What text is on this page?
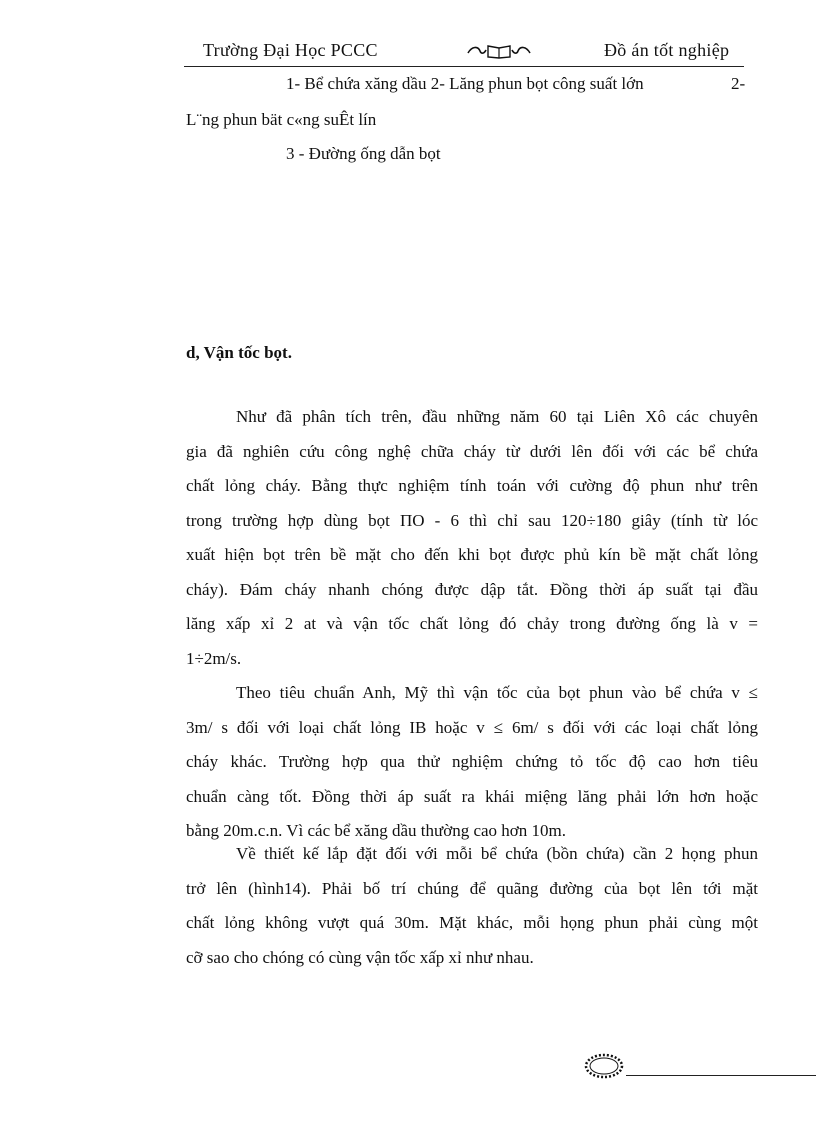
Trường Đại Học PCCC	Đồ án tốt nghiệp
1- Bể chứa xăng dầu 2- Lăng phun bọt công suất lớn	2-
L¨ng phun bät c«ng suÊt lín
3 - Đường ống dẫn bọt
d, Vận tốc bọt.
Như đã phân tích trên, đầu những năm 60 tại Liên Xô các chuyên
gia đã nghiên cứu công nghệ chữa cháy từ dưới lên đối với các bể chứa
chất lỏng cháy. Bằng thực nghiệm tính toán với cường độ phun như trên
trong trường hợp dùng bọt ΠO - 6 thì chỉ sau 120÷180 giây (tính từ lóc
xuất hiện bọt trên bề mặt cho đến khi bọt được phủ kín bề mặt chất lỏng
cháy). Đám cháy nhanh chóng được dập tắt. Đồng thời áp suất tại đầu
lăng xấp xỉ 2 at và vận tốc chất lỏng đó chảy trong đường ống là v =
1÷2m/s.
Theo tiêu chuẩn Anh, Mỹ thì vận tốc của bọt phun vào bể chứa v ≤
3m/ s đối với loại chất lỏng IB hoặc v ≤ 6m/ s đối với các loại chất lỏng
cháy khác. Trường hợp qua thử nghiệm chứng tỏ tốc độ cao hơn tiêu
chuẩn càng tốt. Đồng thời áp suất ra khái miệng lăng phải lớn hơn hoặc
bằng 20m.c.n. Vì các bể xăng dầu thường cao hơn 10m.
Về thiết kế lắp đặt đối với mỗi bể chứa (bồn chứa) cần 2 họng phun
trở lên (hình14). Phải bố trí chúng để quãng đường của bọt lên tới mặt
chất lỏng không vượt quá 30m. Mặt khác, mỗi họng phun phải cùng một
cỡ sao cho chóng có cùng vận tốc xấp xỉ như nhau.
